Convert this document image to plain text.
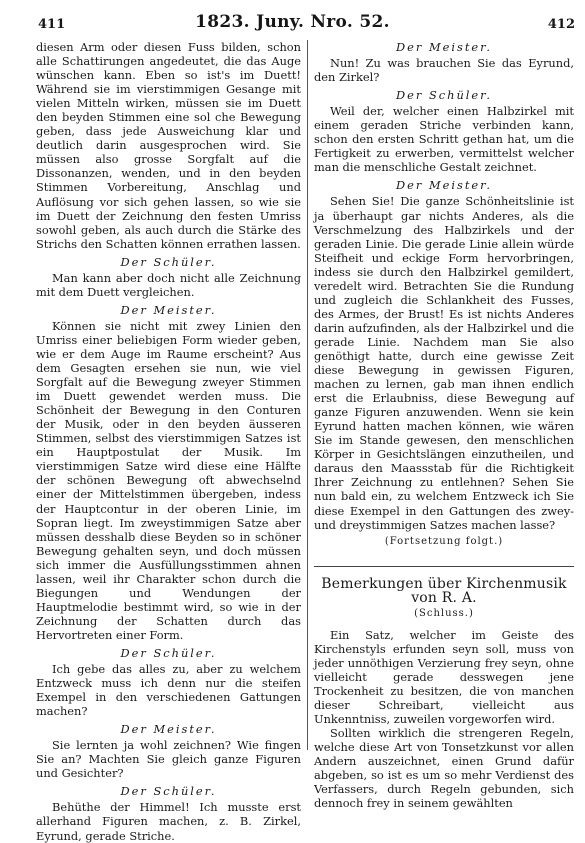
411	1823. Juny. Nro. 52.	412

diesen Arm oder diesen Fuss bilden, schon alle Schattirungen angedeutet, die das Auge wünschen kann. Eben so ist's im Duett! Während sie im vierstimmigen Gesange mit vielen Mitteln wirken, müssen sie im Duett den beyden Stimmen eine sol che Bewegung geben, dass jede Ausweichung klar und deutlich darin ausgesprochen wird. Sie müssen also grosse Sorgfalt auf die Dissonanzen, wenden, und in den beyden Stimmen Vorbereitung, Anschlag und Auflösung vor sich gehen lassen, so wie sie im Duett der Zeichnung den festen Umriss sowohl geben, als auch durch die Stärke des Strichs den Schatten können errathen lassen.

Der Schüler.

Man kann aber doch nicht alle Zeichnung mit dem Duett vergleichen.

Der Meister.

Können sie nicht mit zwey Linien den Umriss einer beliebigen Form wieder geben, wie er dem Auge im Raume erscheint? Aus dem Gesagten ersehen sie nun, wie viel Sorgfalt auf die Bewegung zweyer Stimmen im Duett gewendet werden muss. Die Schönheit der Bewegung in den Conturen der Musik, oder in den beyden äusseren Stimmen, selbst des vierstimmigen Satzes ist ein Hauptpostulat der Musik. Im vierstimmigen Satze wird diese eine Hälfte der schönen Bewegung oft abwechselnd einer der Mittelstimmen übergeben, indess der Hauptcontur in der oberen Linie, im Sopran liegt. Im zweystimmigen Satze aber müssen desshalb diese Beyden so in schöner Bewegung gehalten seyn, und doch müssen sich immer die Ausfüllungsstimmen ahnen lassen, weil ihr Charakter schon durch die Biegungen und Wendungen der Hauptmelodie bestimmt wird, so wie in der Zeichnung der Schatten durch das Hervortreten einer Form.

Der Schüler.

Ich gebe das alles zu, aber zu welchem Entzweck muss ich denn nur die steifen Exempel in den verschiedenen Gattungen machen?

Der Meister.

Sie lernten ja wohl zeichnen? Wie fingen Sie an? Machten Sie gleich ganze Figuren und Gesichter?

Der Schüler.

Behüthe der Himmel! Ich musste erst allerhand Figuren machen, z. B. Zirkel, Eyrund, gerade Striche.

Der Meister.

Nun! Zu was brauchen Sie das Eyrund, den Zirkel?

Der Schüler.

Weil der, welcher einen Halbzirkel mit einem geraden Striche verbinden kann, schon den ersten Schritt gethan hat, um die Fertigkeit zu erwerben, vermittelst welcher man die menschliche Gestalt zeichnet.

Der Meister.

Sehen Sie! Die ganze Schönheitslinie ist ja überhaupt gar nichts Anderes, als die Verschmelzung des Halbzirkels und der geraden Linie. Die gerade Linie allein würde Steifheit und eckige Form hervorbringen, indess sie durch den Halbzirkel gemildert, veredelt wird. Betrachten Sie die Rundung und zugleich die Schlankheit des Fusses, des Armes, der Brust! Es ist nichts Anderes darin aufzufinden, als der Halbzirkel und die gerade Linie. Nachdem man Sie also genöthigt hatte, durch eine gewisse Zeit diese Bewegung in gewissen Figuren, machen zu lernen, gab man ihnen endlich erst die Erlaubniss, diese Bewegung auf ganze Figuren anzuwenden. Wenn sie kein Eyrund hatten machen können, wie wären Sie im Stande gewesen, den menschlichen Körper in Gesichtslängen einzutheilen, und daraus den Maassstab für die Richtigkeit Ihrer Zeichnung zu entlehnen? Sehen Sie nun bald ein, zu welchem Entzweck ich Sie diese Exempel in den Gattungen des zwey- und dreystimmigen Satzes machen lasse?

(Fortsetzung folgt.)

Bemerkungen über Kirchenmusik von R. A.

(Schluss.)

Ein Satz, welcher im Geiste des Kirchenstyls erfunden seyn soll, muss von jeder unnöthigen Verzierung frey seyn, ohne vielleicht gerade desswegen jene Trockenheit zu besitzen, die von manchen dieser Schreibart, vielleicht aus Unkenntniss, zuweilen vorgeworfen wird.

Sollten wirklich die strengeren Regeln, welche diese Art von Tonsetzkunst vor allen Andern auszeichnet, einen Grund dafür abgeben, so ist es um so mehr Verdienst des Verfassers, durch Regeln gebunden, sich dennoch frey in seinem gewählten
